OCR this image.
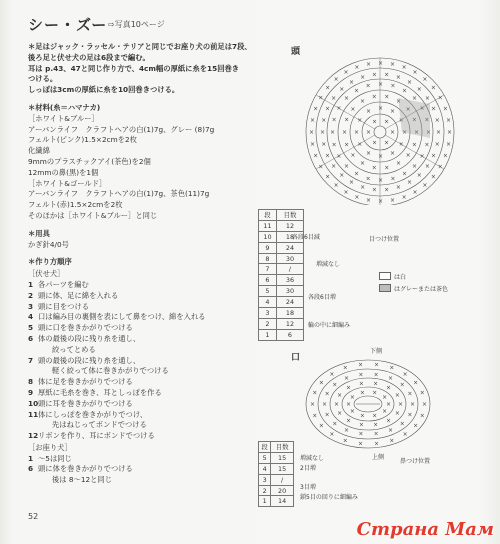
シー・ズー ⇨写真10ページ
＊足はジャック・ラッセル・テリアと同じでお座り犬の前足は7段、
後ろ足と伏せ犬の足は6段まで編む。
耳は p.43、47と同じ作り方で、4cm幅の厚紙に糸を15回巻き
つける。
しっぽは3cmの厚紙に糸を10回巻きつける。
＊材料(糸＝ハマナカ)
［ホワイト&ブルー］
アーバンライフ　クラフトヘアの白(1)7g、グレー (8)7g
フェルト(ピンク)1.5×2cmを2枚
化繊綿
9mmのプラスチックアイ(茶色)を2個
12mmの鼻(黒)を1個
［ホワイト&ゴールド］
アーバンライフ　クラフトヘアの白(1)7g、茶色(11)7g
フェルト(赤)1.5×2cmを2枚
そのほかは［ホワイト&ブルー］と同じ
＊用具
かぎ針4/0号
＊作り方順序
［伏せ犬］
1 各パーツを編む
2 頭に体、足に綿を入れる
3 頭に目をつける
4 口は編み目の裏側を表にして鼻をつけ、綿を入れる
5 頭に口を巻きかがりでつける
6 体の最後の段に残り糸を通し、
絞ってとめる
7 頭の最後の段に残り糸を通し、
軽く絞って体に巻きかがりでつける
8 体に足を巻きかがりでつける
9 厚紙に毛糸を巻き、耳としっぽを作る
10 頭に耳を巻きかがりでつける
11 体にしっぽを巻きかがりでつけ、
先はねじってボンドでつける
12 リボンを作り、耳にボンドでつける
［お座り犬］
1 〜5は同じ
6 頭に体を巻きかがりでつける
後は 8〜12と同じ
52
頭
×
×
×
×
× ×
×
×
×
×
×
×
×
×
× × ×
×
×
×
×
×
×
×
×
×
×
×
×
×
×
× ×
×
×
×
×
×
×
×
×
×
×
×
×
×
×
×
×
×
×
×
×
× × ×
×
×
×
×
×
×
×
×
×
×
×
×
×
×
×
×
×
×
×
×
×
×
×
×
×
× × × ×
×
×
×
×
×
×
×
×
×
×
×
×
×
×
×
×
×
×
×
×
×
×
×
×
×
×
×
×
×
×
× × × × ×
×
×
×
×
×
×
各段6目減	目つけ位置
増減なし
各段6目増
輪の中に細編み
段	目数
11	12
10	18
9	24
8	30
7	/
6	36
5	30
4	24
3	18
2	12
1	6
は白
はグレーまたは茶色
口
下側
×
×
×
×
×
×
×
× ×
×
×
×
×
×
×
×
×
×
×
×
× ×
×
×
×
×
×
×
×
×
×
×
×
×
×
×
×
× ×
×
×
×
×
×
×
×
×
×
×
×
×
×
×
×
×
×
×
× × × ×
×
×
×
上側
鼻つけ位置
段	目数
5	15
4	15
3	/
2	20
1	14
増減なし
2目増
3目増
鎖5目の回りに細編み
Страна Мам
